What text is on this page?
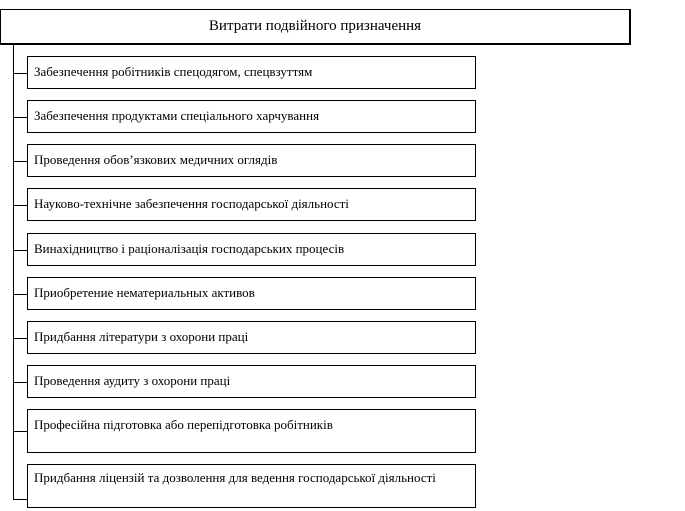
Витрати подвійного призначення
Забезпечення робітників спецодягом, спецвзуттям
Забезпечення продуктами спеціального харчування
Проведення обов’язкових медичних оглядів
Науково-технічне забезпечення господарської діяльності
Винахідництво і раціоналізація господарських процесів
Приобретение нематериальных активов
Придбання літератури з охорони праці
Проведення аудиту з охорони праці
Професійна підготовка або перепідготовка робітників
Придбання ліцензій та дозволення для ведення господарської діяльності
